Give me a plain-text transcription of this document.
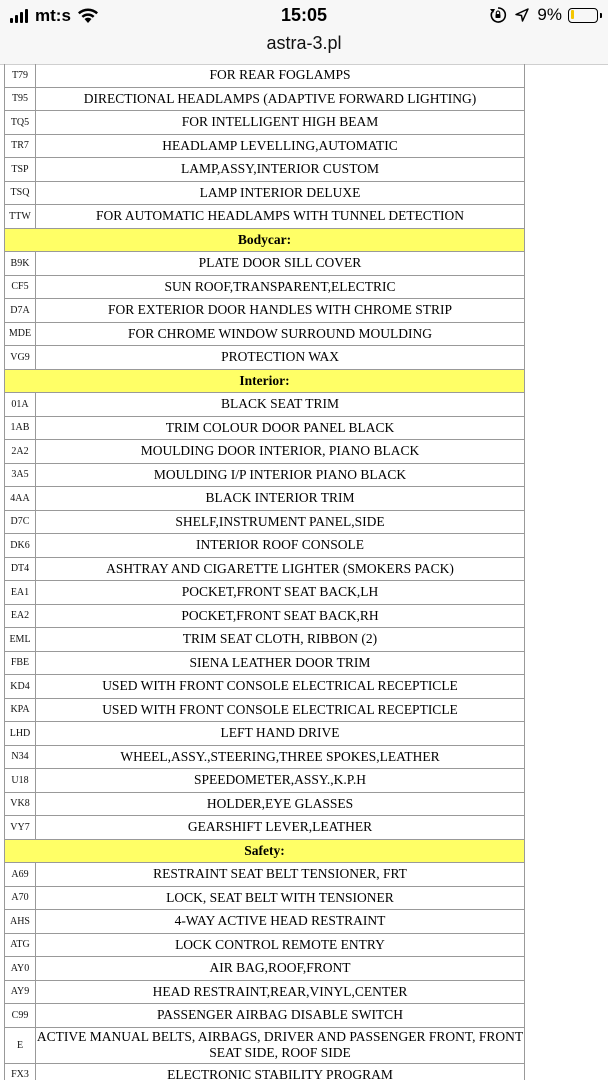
mt:s	15:05
astra-3.pl
9%
T79	FOR REAR FOGLAMPS
T95	DIRECTIONAL HEADLAMPS (ADAPTIVE FORWARD LIGHTING)
TQ5	FOR INTELLIGENT HIGH BEAM
TR7	HEADLAMP LEVELLING,AUTOMATIC
TSP	LAMP,ASSY,INTERIOR CUSTOM
TSQ	LAMP INTERIOR DELUXE
TTW	FOR AUTOMATIC HEADLAMPS WITH TUNNEL DETECTION
Bodycar:	
B9K	PLATE DOOR SILL COVER
CF5	SUN ROOF,TRANSPARENT,ELECTRIC
D7A	FOR EXTERIOR DOOR HANDLES WITH CHROME STRIP
MDE	FOR CHROME WINDOW SURROUND MOULDING
VG9	PROTECTION WAX
Interior:	
01A	BLACK SEAT TRIM
1AB	TRIM COLOUR DOOR PANEL BLACK
2A2	MOULDING DOOR INTERIOR, PIANO BLACK
3A5	MOULDING I/P INTERIOR PIANO BLACK
4AA	BLACK INTERIOR TRIM
D7C	SHELF,INSTRUMENT PANEL,SIDE
DK6	INTERIOR ROOF CONSOLE
DT4	ASHTRAY AND CIGARETTE LIGHTER (SMOKERS PACK)
EA1	POCKET,FRONT SEAT BACK,LH
EA2	POCKET,FRONT SEAT BACK,RH
EML	TRIM SEAT CLOTH, RIBBON (2)
FBE	SIENA LEATHER DOOR TRIM
KD4	USED WITH FRONT CONSOLE ELECTRICAL RECEPTICLE
KPA	USED WITH FRONT CONSOLE ELECTRICAL RECEPTICLE
LHD	LEFT HAND DRIVE
N34	WHEEL,ASSY.,STEERING,THREE SPOKES,LEATHER
U18	SPEEDOMETER,ASSY.,K.P.H
VK8	HOLDER,EYE GLASSES
VY7	GEARSHIFT LEVER,LEATHER
Safety:	
A69	RESTRAINT SEAT BELT TENSIONER, FRT
A70	LOCK, SEAT BELT WITH TENSIONER
AHS	4-WAY ACTIVE HEAD RESTRAINT
ATG	LOCK CONTROL REMOTE ENTRY
AY0	AIR BAG,ROOF,FRONT
AY9	HEAD RESTRAINT,REAR,VINYL,CENTER
C99	PASSENGER AIRBAG DISABLE SWITCH
E	ACTIVE MANUAL BELTS, AIRBAGS, DRIVER AND PASSENGER FRONT, FRONT SEAT SIDE, ROOF SIDE
FX3	ELECTRONIC STABILITY PROGRAM
